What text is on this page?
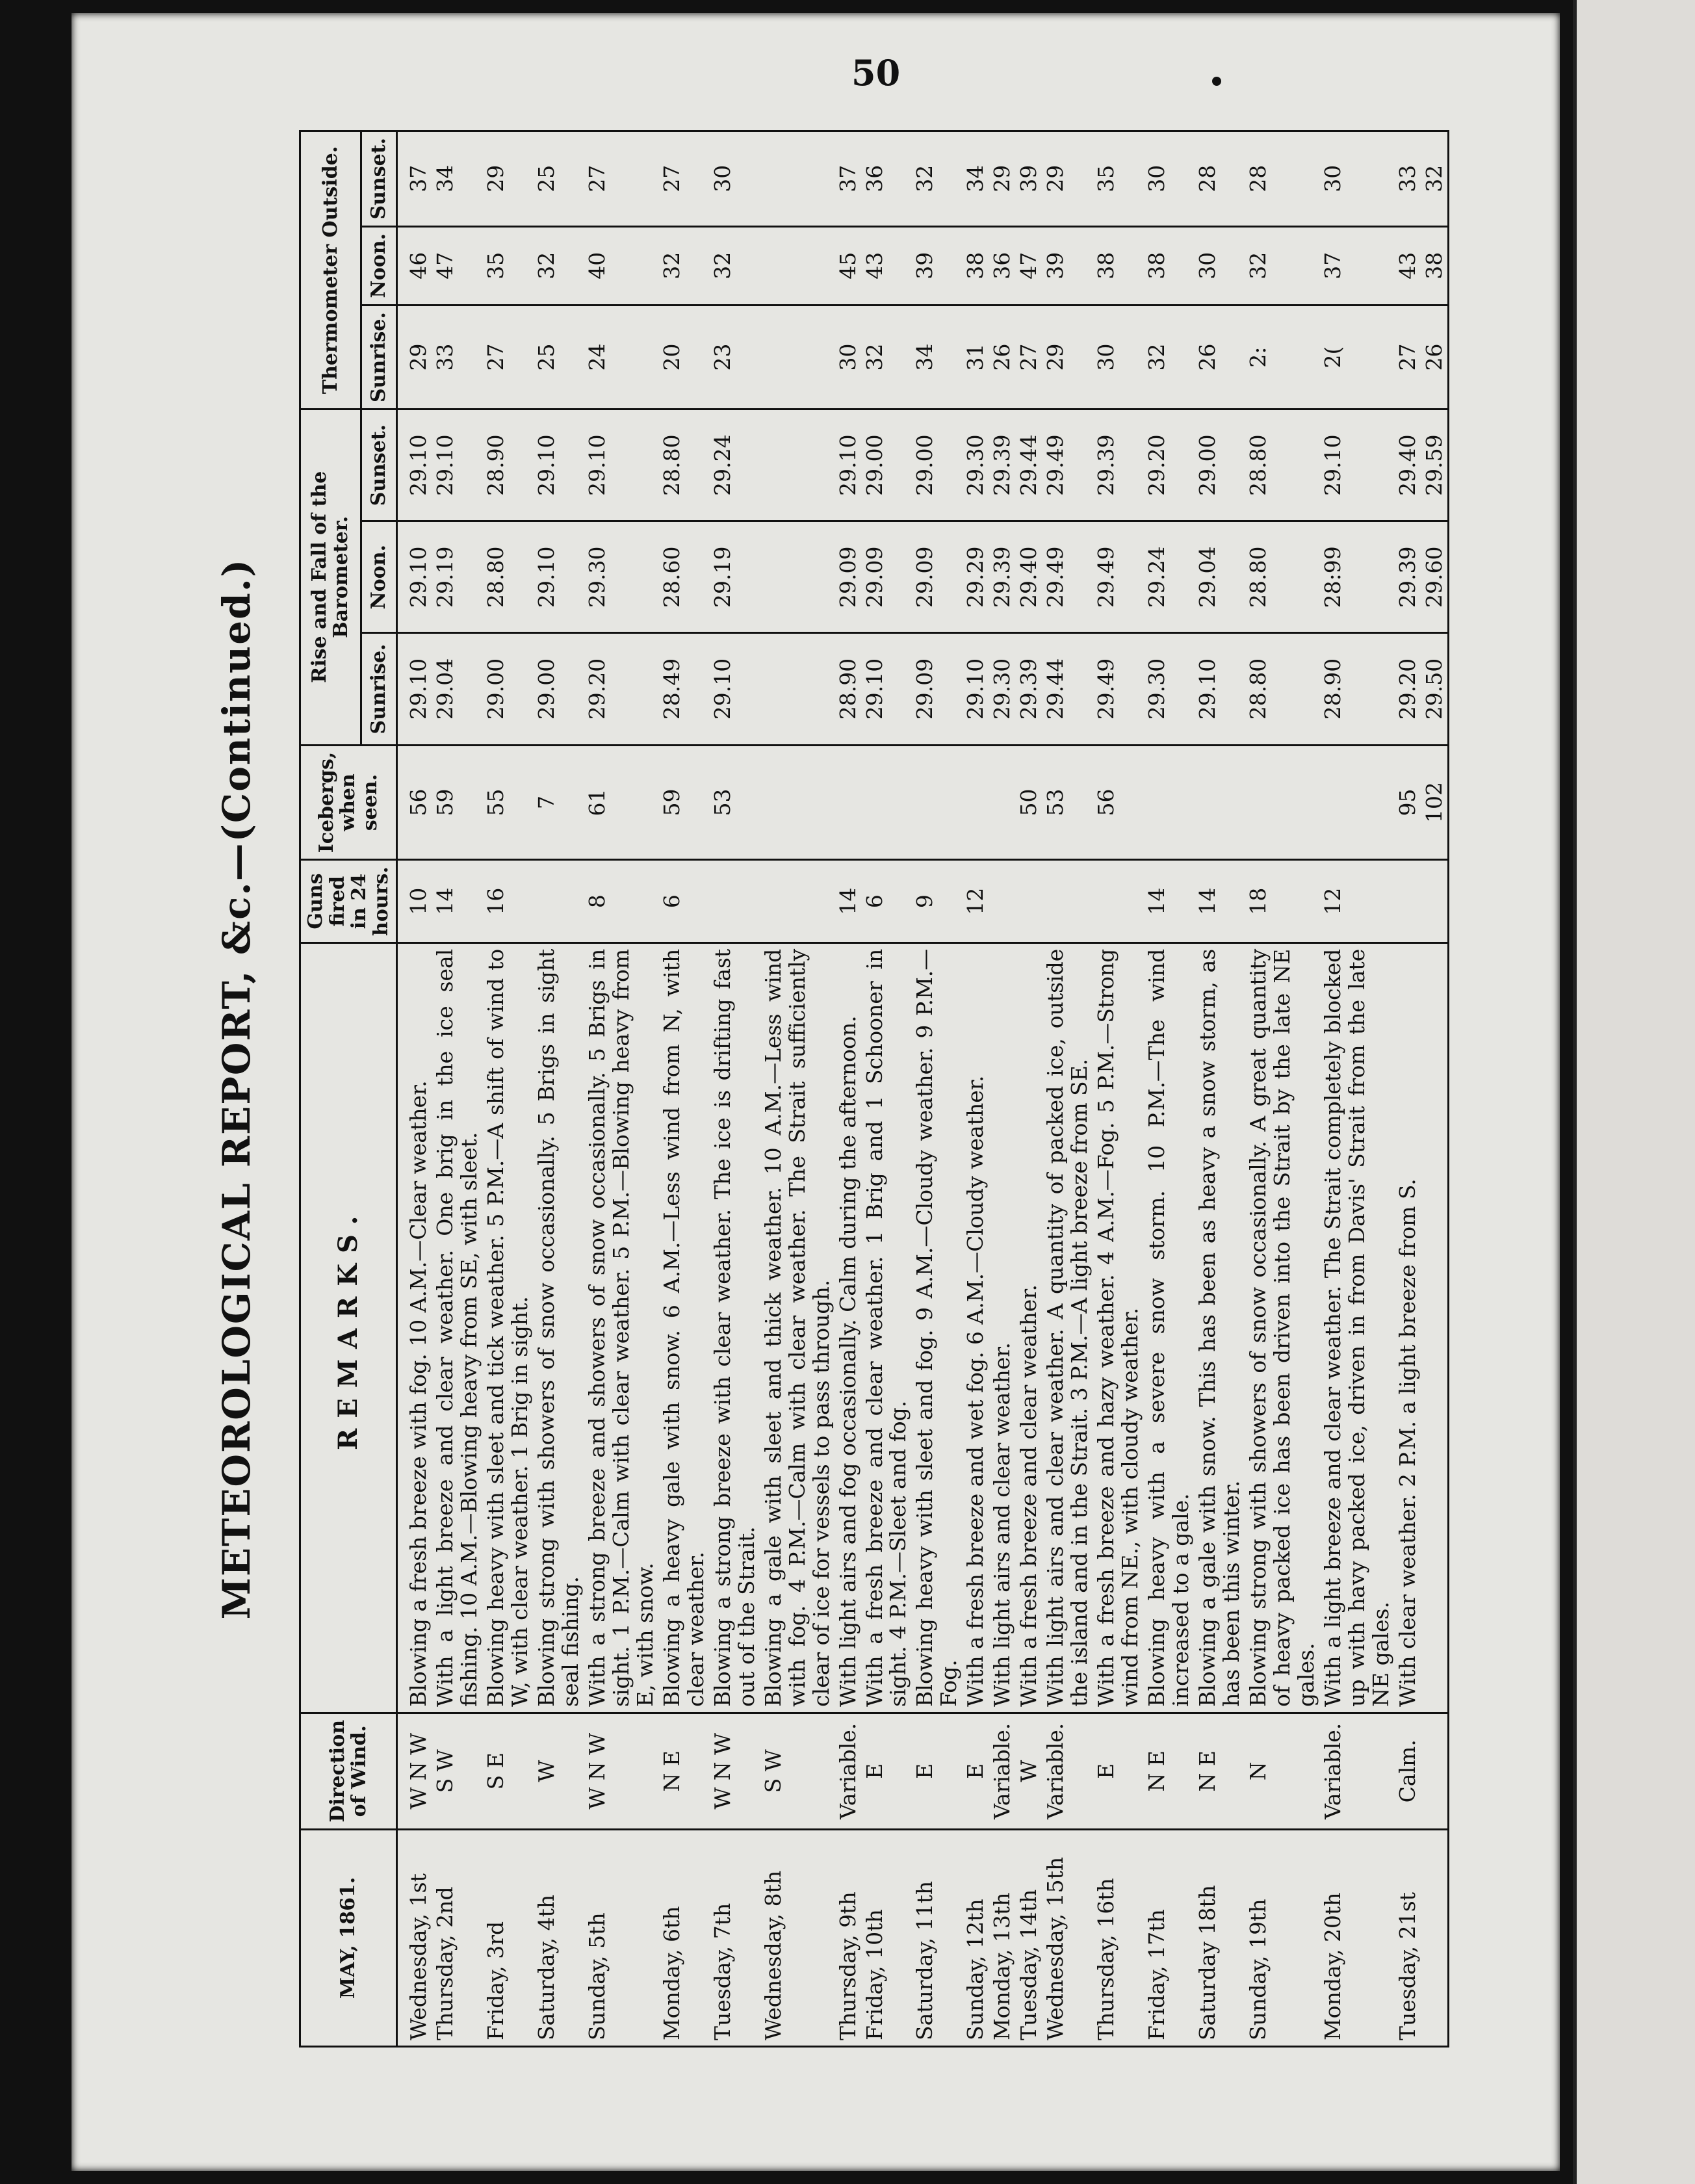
50
METEOROLOGICAL REPORT, &c.—(Continued.)
MAY, 1861.	Direction of Wind.	REMARKS.	Guns fired in 24 hours.	Icebergs, when seen.	Rise and Fall of the Barometer.			Thermometer Outside.		
					Sunrise.	Noon.	Sunset.	Sunrise.	Noon.	Sunset.
Wednesday, 1st	W N W	Blowing a fresh breeze with fog. 10 A.M.—Clear weather.	10	56	29.10	29.10	29.10	29	46	37
Thursday, 2nd	S W	With a light breeze and clear weather. One brig in the ice seal fishing. 10 A.M.—Blowing heavy from SE, with sleet.	14	59	29.04	29.19	29.10	33	47	34
Friday, 3rd	S E	Blowing heavy with sleet and tick weather. 5 P.M.—A shift of wind to W, with clear weather. 1 Brig in sight.	16	55	29.00	28.80	28.90	27	35	29
Saturday, 4th	W	Blowing strong with showers of snow occasionally. 5 Brigs in sight seal fishing.		7	29.00	29.10	29.10	25	32	25
Sunday, 5th	W N W	With a strong breeze and showers of snow occasionally. 5 Brigs in sight. 1 P.M.—Calm with clear weather. 5 P.M.—Blowing heavy from E, with snow.	8	61	29.20	29.30	29.10	24	40	27
Monday, 6th	N E	Blowing a heavy gale with snow. 6 A.M.—Less wind from N, with clear weather.	6	59	28.49	28.60	28.80	20	32	27
Tuesday, 7th	W N W	Blowing a strong breeze with clear weather. The ice is drifting fast out of the Strait.		53	29.10	29.19	29.24	23	32	30
Wednesday, 8th	S W	Blowing a gale with sleet and thick weather. 10 A.M.—Less wind with fog. 4 P.M.—Calm with clear weather. The Strait sufficiently clear of ice for vessels to pass through.								
Thursday, 9th	Variable.	With light airs and fog occasionally. Calm during the afternoon.	14		28.90	29.09	29.10	30	45	37
Friday, 10th	E	With a fresh breeze and clear weather. 1 Brig and 1 Schooner in sight. 4 P.M.—Sleet and fog.	6		29.10	29.09	29.00	32	43	36
Saturday, 11th	E	Blowing heavy with sleet and fog. 9 A.M.—Cloudy weather. 9 P.M.—Fog.	9		29.09	29.09	29.00	34	39	32
Sunday, 12th	E	With a fresh breeze and wet fog. 6 A.M.—Cloudy weather.	12		29.10	29.29	29.30	31	38	34
Monday, 13th	Variable.	With light airs and clear weather.			29.30	29.39	29.39	26	36	29
Tuesday, 14th	W	With a fresh breeze and clear weather.		50	29.39	29.40	29.44	27	47	39
Wednesday, 15th	Variable.	With light airs and clear weather. A quantity of packed ice, outside the island and in the Strait. 3 P.M.—A light breeze from SE.		53	29.44	29.49	29.49	29	39	29
Thursday, 16th	E	With a fresh breeze and hazy weather. 4 A.M.—Fog. 5 P.M.—Strong wind from NE., with cloudy weather.		56	29.49	29.49	29.39	30	38	35
Friday, 17th	N E	Blowing heavy with a severe snow storm. 10 P.M.—The wind increased to a gale.	14		29.30	29.24	29.20	32	38	30
Saturday 18th	N E	Blowing a gale with snow. This has been as heavy a snow storm, as has been this winter.	14		29.10	29.04	29.00	26	30	28
Sunday, 19th	N	Blowing strong with showers of snow occasionally. A great quantity of heavy packed ice has been driven into the Strait by the late NE gales.	18		28.80	28.80	28.80	2:	32	28
Monday, 20th	Variable.	With a light breeze and clear weather. The Strait completely blocked up with havy packed ice, driven in from Davis' Strait from the late NE gales.	12		28.90	28:99	29.10	2(	37	30
Tuesday, 21st	Calm.	With clear weather. 2 P.M. a light breeze from S.		95	29.20	29.39	29.40	27	43	33
				102	29.50	29.60	29.59	26	38	32
